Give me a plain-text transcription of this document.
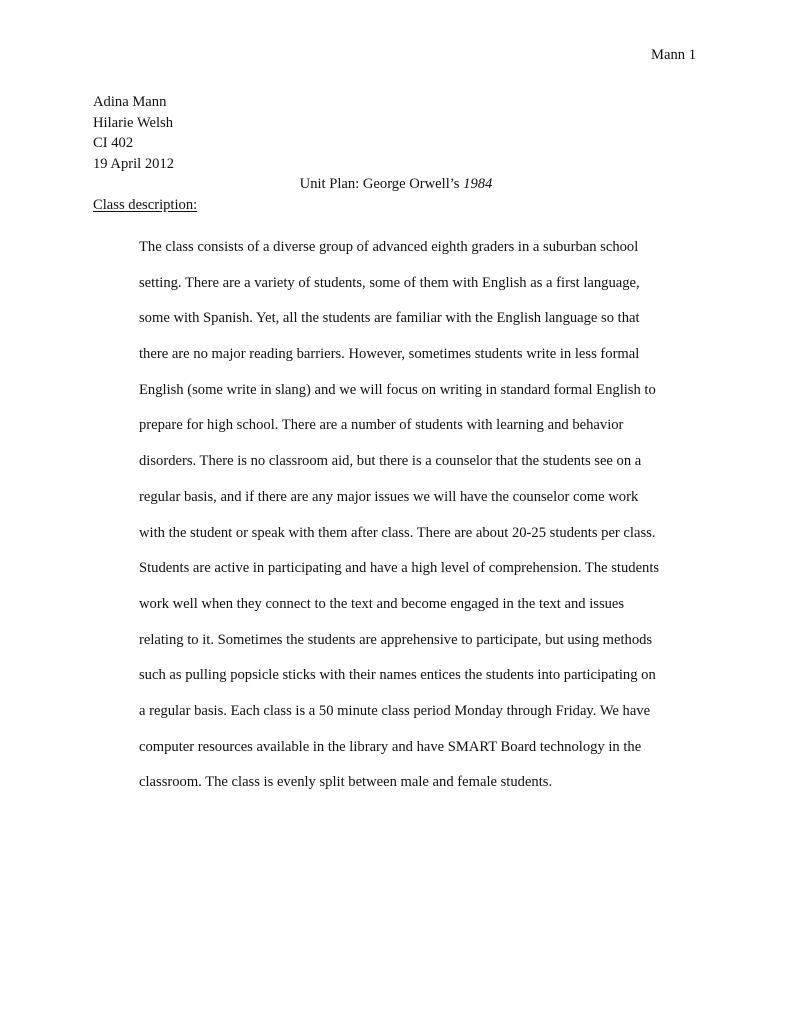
Mann 1
Adina Mann
Hilarie Welsh
CI 402
19 April 2012
Unit Plan: George Orwell’s 1984
Class description:
The class consists of a diverse group of advanced eighth graders in a suburban school
setting. There are a variety of students, some of them with English as a first language,
some with Spanish. Yet, all the students are familiar with the English language so that
there are no major reading barriers. However, sometimes students write in less formal
English (some write in slang) and we will focus on writing in standard formal English to
prepare for high school. There are a number of students with learning and behavior
disorders. There is no classroom aid, but there is a counselor that the students see on a
regular basis, and if there are any major issues we will have the counselor come work
with the student or speak with them after class. There are about 20-25 students per class.
Students are active in participating and have a high level of comprehension. The students
work well when they connect to the text and become engaged in the text and issues
relating to it. Sometimes the students are apprehensive to participate, but using methods
such as pulling popsicle sticks with their names entices the students into participating on
a regular basis. Each class is a 50 minute class period Monday through Friday. We have
computer resources available in the library and have SMART Board technology in the
classroom. The class is evenly split between male and female students.
